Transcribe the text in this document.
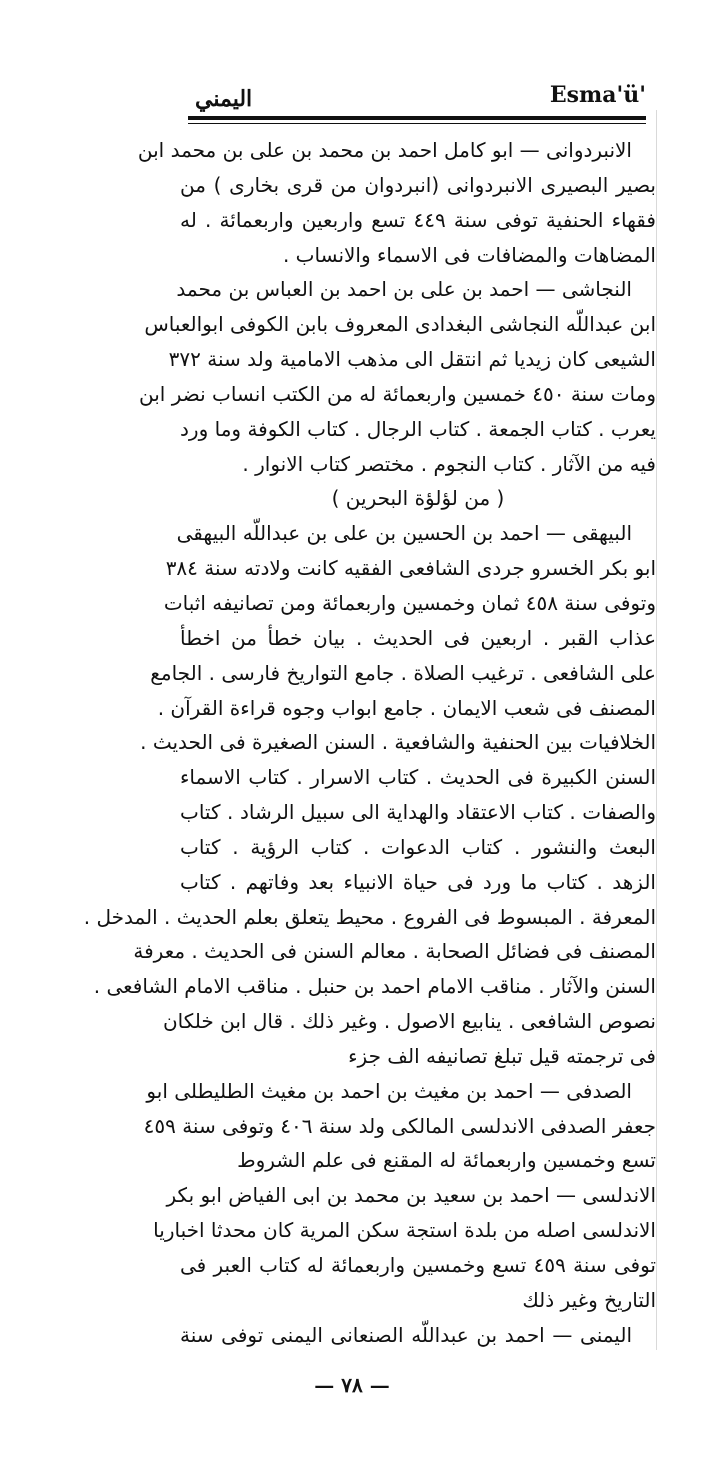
Esma'ü'
اليمني
الانبردوانى — ابو كامل احمد بن محمد بن على بن محمد ابن
بصير البصيرى الانبردوانى (انبردوان من قرى بخارى ) من
فقهاء الحنفية توفى سنة ٤٤٩ تسع واربعين واربعمائة . له
المضاهات والمضافات فى الاسماء والانساب .
النجاشى — احمد بن على بن احمد بن العباس بن محمد
ابن عبداللّه النجاشى البغدادى المعروف بابن الكوفى ابوالعباس
الشيعى كان زيديا ثم انتقل الى مذهب الامامية ولد سنة ٣٧٢
ومات سنة ٤٥٠ خمسين واربعمائة له من الكتب انساب نضر ابن
يعرب . كتاب الجمعة . كتاب الرجال . كتاب الكوفة وما ورد
فيه من الآثار . كتاب النجوم . مختصر كتاب الانوار .
( من لؤلؤة البحرين )
البيهقى — احمد بن الحسين بن على بن عبداللّه البيهقى
ابو بكر الخسرو جردى الشافعى الفقيه كانت ولادته سنة ٣٨٤
وتوفى سنة ٤٥٨ ثمان وخمسين واربعمائة ومن تصانيفه اثبات
عذاب القبر . اربعين فى الحديث . بيان خطأ من اخطأ
على الشافعى . ترغيب الصلاة . جامع التواريخ فارسى . الجامع
المصنف فى شعب الايمان . جامع ابواب وجوه قراءة القرآن .
الخلافيات بين الحنفية والشافعية . السنن الصغيرة فى الحديث .
السنن الكبيرة فى الحديث . كتاب الاسرار . كتاب الاسماء
والصفات . كتاب الاعتقاد والهداية الى سبيل الرشاد . كتاب
البعث والنشور . كتاب الدعوات . كتاب الرؤية . كتاب
الزهد . كتاب ما ورد فى حياة الانبياء بعد وفاتهم . كتاب
المعرفة . المبسوط فى الفروع . محيط يتعلق بعلم الحديث . المدخل .
المصنف فى فضائل الصحابة . معالم السنن فى الحديث . معرفة
السنن والآثار . مناقب الامام احمد بن حنبل . مناقب الامام الشافعى .
نصوص الشافعى . ينابيع الاصول . وغير ذلك . قال ابن خلكان
فى ترجمته قيل تبلغ تصانيفه الف جزء
الصدفى — احمد بن مغيث بن احمد بن مغيث الطليطلى ابو
جعفر الصدفى الاندلسى المالكى ولد سنة ٤٠٦ وتوفى سنة ٤٥٩
تسع وخمسين واربعمائة له المقنع فى علم الشروط
الاندلسى — احمد بن سعيد بن محمد بن ابى الفياض ابو بكر
الاندلسى اصله من بلدة استجة سكن المرية كان محدثا اخباريا
توفى سنة ٤٥٩ تسع وخمسين واربعمائة له كتاب العبر فى
التاريخ وغير ذلك
اليمنى — احمد بن عبداللّه الصنعانى اليمنى توفى سنة
— ٧٨ —
